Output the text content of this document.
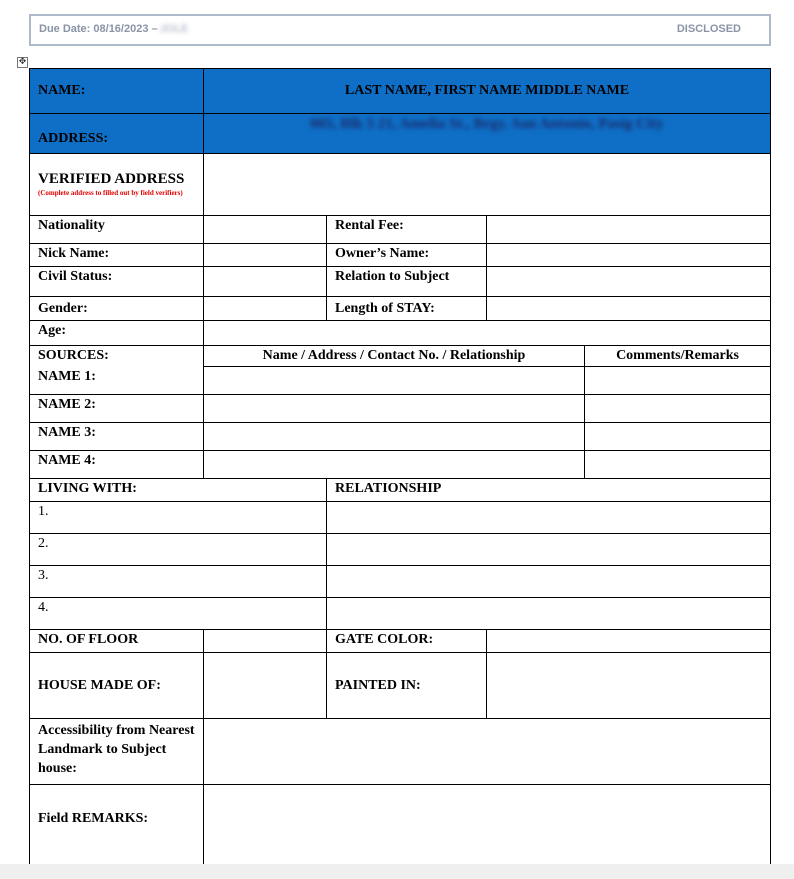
Due Date: 08/16/2023 – JOLE	DISCLOSED
✥
NAME:	LAST NAME, FIRST NAME MIDDLE NAME			
ADDRESS:	005, Blk 5 21, Amelia St., Brgy. San Antonio, Pasig City			
VERIFIED ADDRESS
(Complete address to filled out by field verifiers)				

Nationality		Rental Fee:		
Nick Name:		Owner’s Name:		
Civil Status:		Relation to Subject		
Gender:		Length of STAY:		
Age:				
SOURCES:	Name / Address / Contact No. / Relationship			Comments/Remarks
NAME 1:				
NAME 2:				
NAME 3:				
NAME 4:				
LIVING WITH:		RELATIONSHIP		
1.				
2.				
3.				
4.				
NO. OF FLOOR		GATE COLOR:		
HOUSE MADE OF:		PAINTED IN:		
Accessibility from Nearest Landmark to Subject house:				
Field REMARKS:				
